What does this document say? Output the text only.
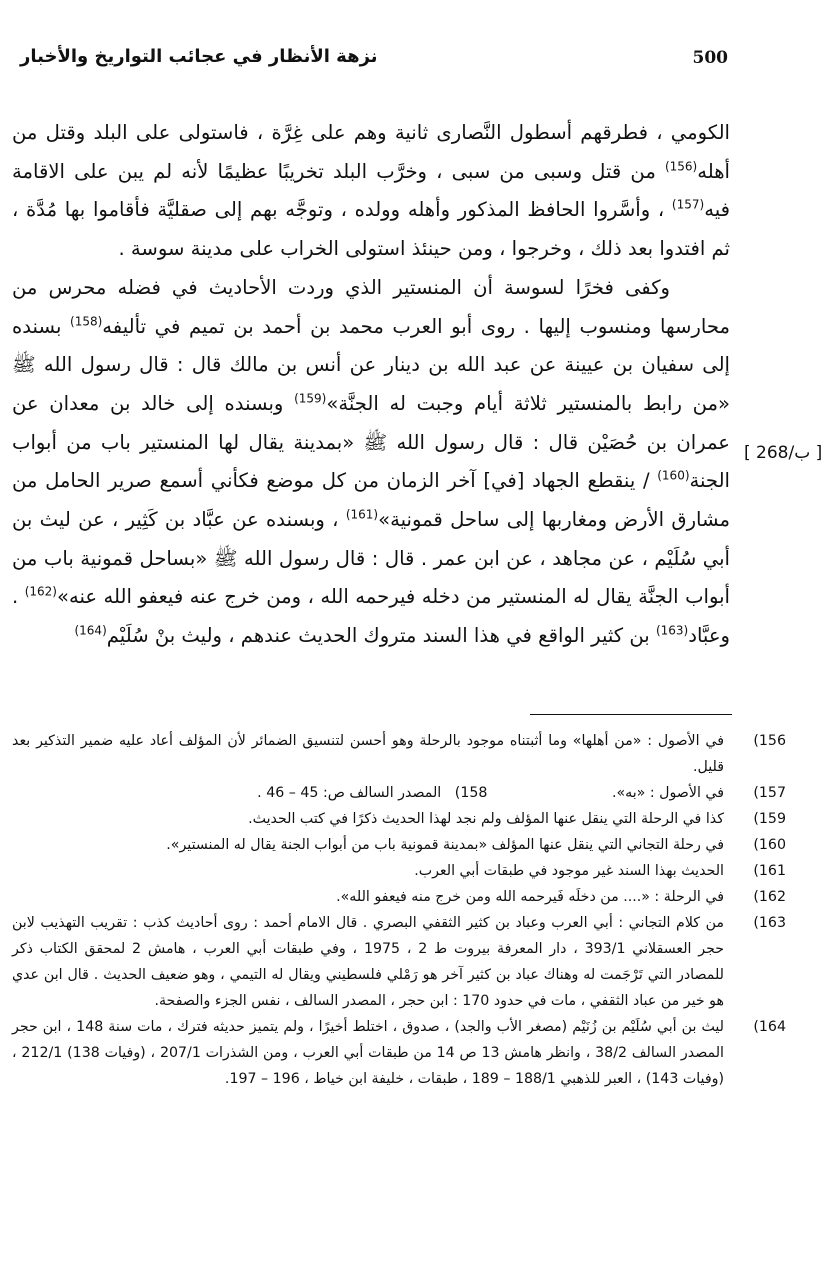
500
نزهة الأنظار في عجائب التواريخ والأخبار
[ 268/ب ]

الكومي ، فطرقهم أسطول النَّصارى ثانية وهم على غِرَّة ، فاستولى على البلد وقتل من أهله$^{(156)}$ من قتل وسبى من سبى ، وخرَّب البلد تخريبًا عظيمًا لأنه لم يبن على الاقامة فيه$^{(157)}$ ، وأسَّروا الحافظ المذكور وأهله وولده ، وتوجَّه بهم إلى صقليَّة فأقاموا بها مُدَّة ، ثم افتدوا بعد ذلك ، وخرجوا ، ومن حينئذ استولى الخراب على مدينة سوسة .

وكفى فخرًا لسوسة أن المنستير الذي وردت الأحاديث في فضله محرس من محارسها ومنسوب إليها . روى أبو العرب محمد بن أحمد بن تميم في تأليفه$^{(158)}$ بسنده إلى سفيان بن عيينة عن عبد الله بن دينار عن أنس بن مالك قال : قال رسول الله ﷺ «من رابط بالمنستير ثلاثة أيام وجبت له الجنَّة»$^{(159)}$ وبسنده إلى خالد بن معدان عن عمران بن حُصَيْن قال : قال رسول الله ﷺ «بمدينة يقال لها المنستير باب من أبواب الجنة$^{(160)}$ / ينقطع الجهاد [في] آخر الزمان من كل موضع فكأني أسمع صرير الحامل من مشارق الأرض ومغاربها إلى ساحل قمونية»$^{(161)}$ ، وبسنده عن عبَّاد بن كَثِير ، عن ليث بن أبي سُلَيْم ، عن مجاهد ، عن ابن عمر . قال : قال رسول الله ﷺ «بساحل قمونية باب من أبواب الجنَّة يقال له المنستير من دخله فيرحمه الله ، ومن خرج عنه فيعفو الله عنه»$^{(162)}$ . وعبَّاد$^{(163)}$ بن كثير الواقع في هذا السند متروك الحديث عندهم ، وليث بنْ سُلَيْم$^{(164)}$

156)
في الأصول : «من أهلها» وما أثبتناه موجود بالرحلة وهو أحسن لتنسيق الضمائر لأن المؤلف أعاد عليه ضمير التذكير بعد قليل.
157)
في الأصول : «به». 158)   المصدر السالف ص: 45 – 46 .
159)
كذا في الرحلة التي ينقل عنها المؤلف ولم نجد لهذا الحديث ذكرًا في كتب الحديث.
160)
في رحلة التجاني التي ينقل عنها المؤلف «بمدينة قمونية باب من أبواب الجنة يقال له المنستير».
161)
الحديث بهذا السند غير موجود في طبقات أبي العرب.
162)
في الرحلة : «.... من دخلَه فَيرحمه الله ومن خرج منه فيعفو الله».
163)
من كلام التجاني : أبي العرب وعباد بن كثير الثقفي البصري . قال الامام أحمد : روى أحاديث كذب : تقريب التهذيب لابن حجر العسقلاني 393/1 ، دار المعرفة بيروت ط 2 ، 1975 ، وفي طبقات أبي العرب ، هامش 2 لمحقق الكتاب ذكر للمصادر التي تَرْجَمت له وهناك عباد بن كثير آخر هو رَمْلي فلسطيني ويقال له التيمي ، وهو ضعيف الحديث . قال ابن عدي هو خير من عباد الثقفي ، مات في حدود 170 : ابن حجر ، المصدر السالف ، نفس الجزء والصفحة.
164)
ليث بن أبي سُلَيْم بن زُنَيْم (مصغر الأب والجد) ، صدوق ، اختلط أخيرًا ، ولم يتميز حديثه فترك ، مات سنة 148 ، ابن حجر المصدر السالف 38/2 ، وانظر هامش 13 ص 14 من طبقات أبي العرب ، ومن الشذرات 207/1 ، (وفيات 138) 212/1 ، (وفيات 143) ، العبر للذهبي 188/1 – 189 ، طبقات ، خليفة ابن خياط ، 196 – 197.
